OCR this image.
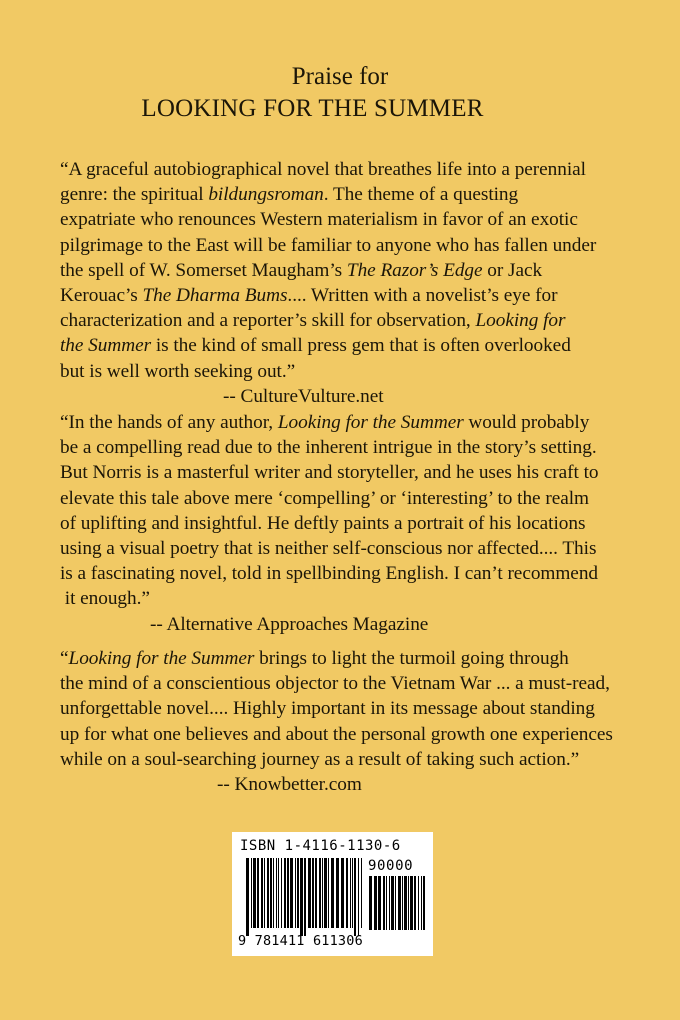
Praise for
LOOKING FOR THE SUMMER
“A graceful autobiographical novel that breathes life into a perennial
genre: the spiritual bildungsroman. The theme of a questing
expatriate who renounces Western materialism in favor of an exotic
pilgrimage to the East will be familiar to anyone who has fallen under
the spell of W. Somerset Maugham’s The Razor’s Edge or Jack
Kerouac’s The Dharma Bums.... Written with a novelist’s eye for
characterization and a reporter’s skill for observation, Looking for
the Summer is the kind of small press gem that is often overlooked
but is well worth seeking out.”
-- CultureVulture.net
“In the hands of any author, Looking for the Summer would probably
be a compelling read due to the inherent intrigue in the story’s setting.
But Norris is a masterful writer and storyteller, and he uses his craft to
elevate this tale above mere ‘compelling’ or ‘interesting’ to the realm
of uplifting and insightful. He deftly paints a portrait of his locations
using a visual poetry that is neither self-conscious nor affected.... This
is a fascinating novel, told in spellbinding English. I can’t recommend
it enough.”
-- Alternative Approaches Magazine
“Looking for the Summer brings to light the turmoil going through
the mind of a conscientious objector to the Vietnam War ... a must-read,
unforgettable novel.... Highly important in its message about standing
up for what one believes and about the personal growth one experiences
while on a soul-searching journey as a result of taking such action.”
-- Knowbetter.com
ISBN 1-4116-1130-6
90000
9 781411 611306
